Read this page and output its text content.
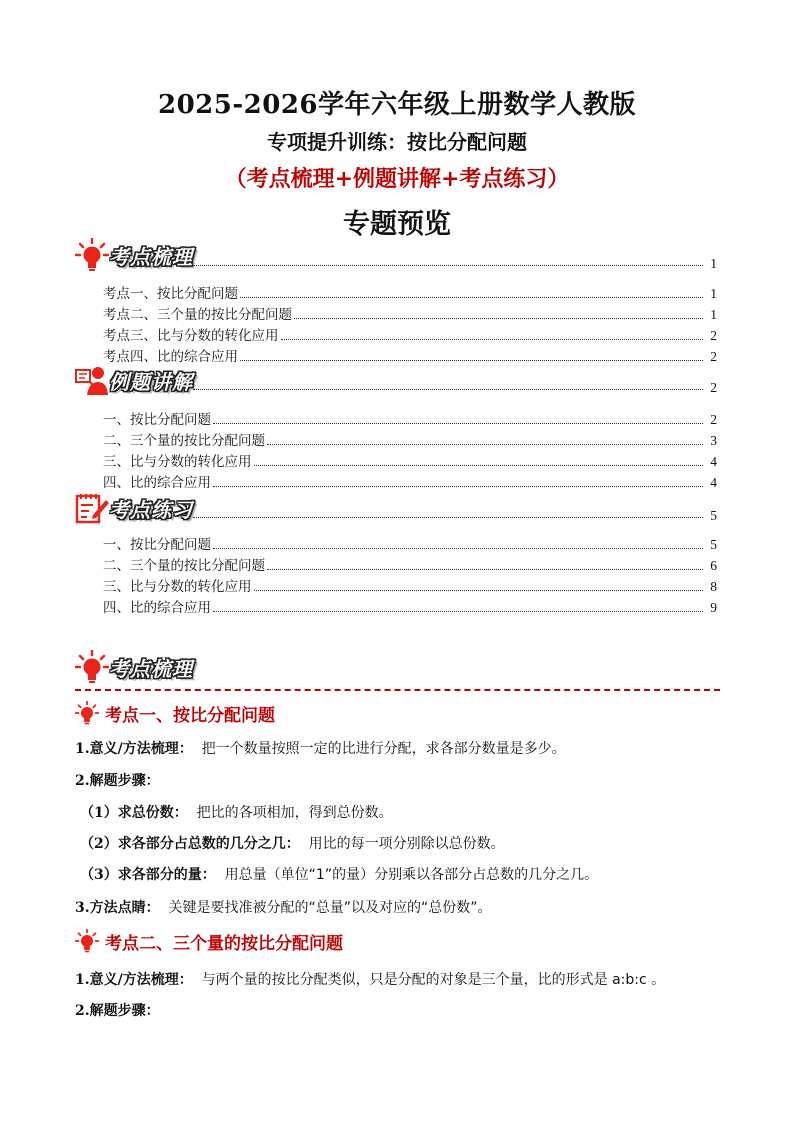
2025-2026学年六年级上册数学人教版
专项提升训练：按比分配问题
（考点梳理+例题讲解+考点练习）
专题预览
考点梳理	1
考点一、按比分配问题	1
考点二、三个量的按比分配问题	1
考点三、比与分数的转化应用	2
考点四、比的综合应用	2
例题讲解	2
一、按比分配问题	2
二、三个量的按比分配问题	3
三、比与分数的转化应用	4
四、比的综合应用	4
考点练习	5
一、按比分配问题	5
二、三个量的按比分配问题	6
三、比与分数的转化应用	8
四、比的综合应用	9
考点梳理
考点一、按比分配问题
1.意义/方法梳理： 把一个数量按照一定的比进行分配，求各部分数量是多少。
2.解题步骤：
（1）求总份数： 把比的各项相加，得到总份数。
（2）求各部分占总数的几分之几： 用比的每一项分别除以总份数。
（3）求各部分的量： 用总量（单位“1”的量）分别乘以各部分占总数的几分之几。
3.方法点睛： 关键是要找准被分配的“总量”以及对应的“总份数”。
考点二、三个量的按比分配问题
1.意义/方法梳理： 与两个量的按比分配类似，只是分配的对象是三个量，比的形式是 a:b:c 。
2.解题步骤：
